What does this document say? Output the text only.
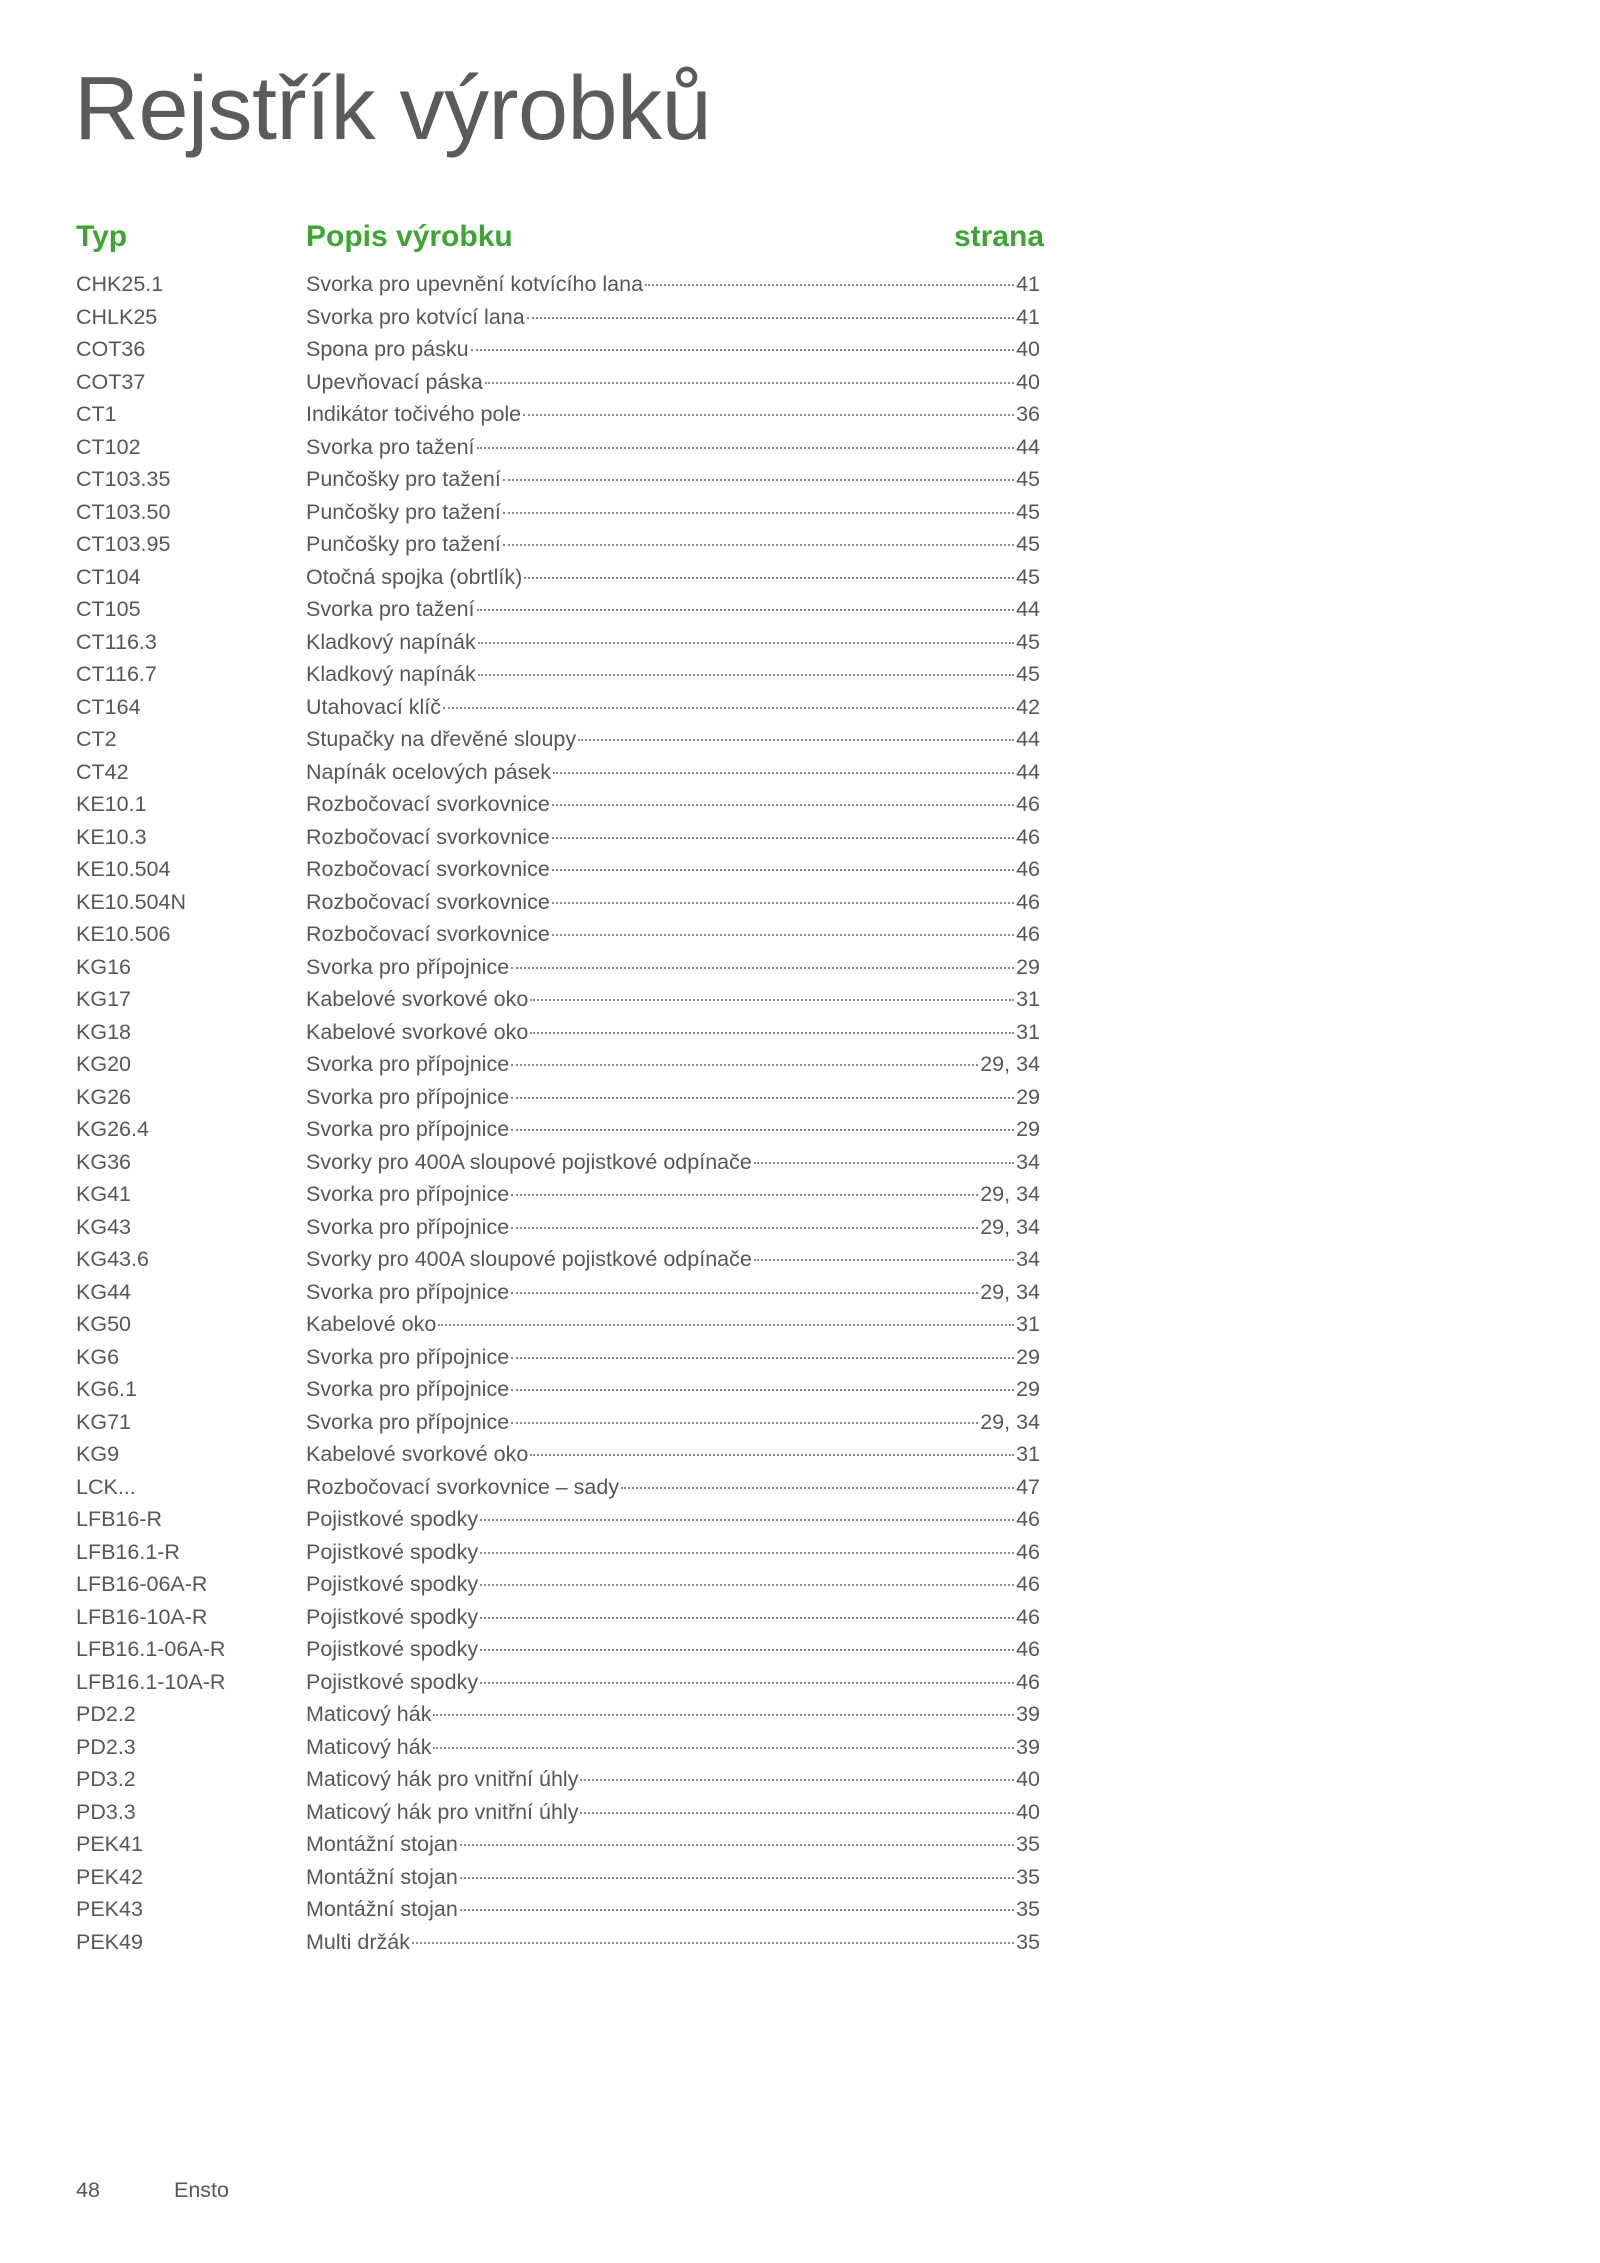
Rejstřík výrobků
Typ	Popis výrobku	strana
CHK25.1	Svorka pro upevnění kotvícího lana	41
CHLK25	Svorka pro kotvící lana	41
COT36	Spona pro pásku	40
COT37	Upevňovací páska	40
CT1	Indikátor točivého pole	36
CT102	Svorka pro tažení	44
CT103.35	Punčošky pro tažení	45
CT103.50	Punčošky pro tažení	45
CT103.95	Punčošky pro tažení	45
CT104	Otočná spojka (obrtlík)	45
CT105	Svorka pro tažení	44
CT116.3	Kladkový napínák	45
CT116.7	Kladkový napínák	45
CT164	Utahovací klíč	42
CT2	Stupačky na dřevěné sloupy	44
CT42	Napínák ocelových pásek	44
KE10.1	Rozbočovací svorkovnice	46
KE10.3	Rozbočovací svorkovnice	46
KE10.504	Rozbočovací svorkovnice	46
KE10.504N	Rozbočovací svorkovnice	46
KE10.506	Rozbočovací svorkovnice	46
KG16	Svorka pro přípojnice	29
KG17	Kabelové svorkové oko	31
KG18	Kabelové svorkové oko	31
KG20	Svorka pro přípojnice	29, 34
KG26	Svorka pro přípojnice	29
KG26.4	Svorka pro přípojnice	29
KG36	Svorky pro 400A sloupové pojistkové odpínače	34
KG41	Svorka pro přípojnice	29, 34
KG43	Svorka pro přípojnice	29, 34
KG43.6	Svorky pro 400A sloupové pojistkové odpínače	34
KG44	Svorka pro přípojnice	29, 34
KG50	Kabelové oko	31
KG6	Svorka pro přípojnice	29
KG6.1	Svorka pro přípojnice	29
KG71	Svorka pro přípojnice	29, 34
KG9	Kabelové svorkové oko	31
LCK...	Rozbočovací svorkovnice – sady	47
LFB16-R	Pojistkové spodky	46
LFB16.1-R	Pojistkové spodky	46
LFB16-06A-R	Pojistkové spodky	46
LFB16-10A-R	Pojistkové spodky	46
LFB16.1-06A-R	Pojistkové spodky	46
LFB16.1-10A-R	Pojistkové spodky	46
PD2.2	Maticový hák	39
PD2.3	Maticový hák	39
PD3.2	Maticový hák pro vnitřní úhly	40
PD3.3	Maticový hák pro vnitřní úhly	40
PEK41	Montážní stojan	35
PEK42	Montážní stojan	35
PEK43	Montážní stojan	35
PEK49	Multi držák	35
48	Ensto
